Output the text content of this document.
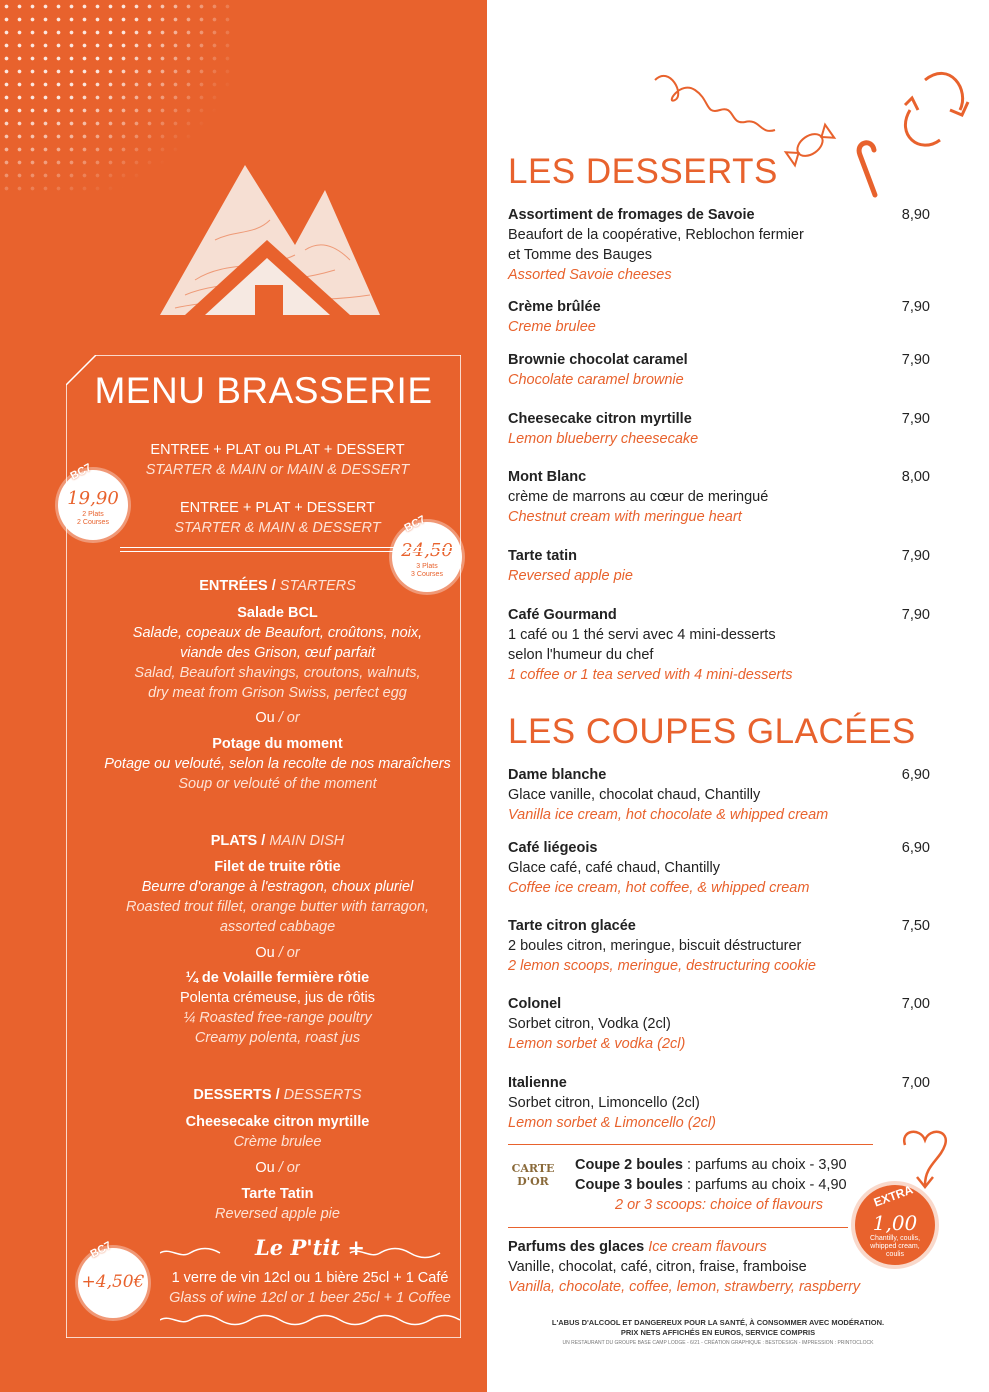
MENU BRASSERIE
ENTREE + PLAT ou PLAT + DESSERT
STARTER & MAIN or MAIN & DESSERT
ENTREE + PLAT + DESSERT
STARTER & MAIN & DESSERT
BC7
19,90
2 Plats
2 Courses	BC7
24,50
3 Plats
3 Courses
ENTRÉES / STARTERS
Salade BCL
Salade, copeaux de Beaufort, croûtons, noix,
viande des Grison, œuf parfait
Salad, Beaufort shavings, croutons, walnuts,
dry meat from Grison Swiss, perfect egg
Ou / or
Potage du moment
Potage ou velouté, selon la recolte de nos maraîchers
Soup or velouté of the moment
PLATS / MAIN DISH
Filet de truite rôtie
Beurre d'orange à l'estragon, choux pluriel
Roasted trout fillet, orange butter with tarragon,
assorted cabbage
Ou / or
¼ de Volaille fermière rôtie
Polenta crémeuse, jus de rôtis
¼ Roasted free-range poultry
Creamy polenta, roast jus
DESSERTS / DESSERTS
Cheesecake citron myrtille
Crème brulee
Ou / or
Tarte Tatin
Reversed apple pie
Le P'tit +
1 verre de vin 12cl ou 1 bière 25cl + 1 Café
Glass of wine 12cl or 1 beer 25cl + 1 Coffee
BC7
+4,50€
LES DESSERTS
Assortiment de fromages de Savoie
Beaufort de la coopérative, Reblochon fermier
et Tomme des Bauges
Assorted Savoie cheeses
8,90
Crème brûlée
Creme brulee
7,90
Brownie chocolat caramel
Chocolate caramel brownie
7,90
Cheesecake citron myrtille
Lemon blueberry cheesecake
7,90
Mont Blanc
crème de marrons au cœur de meringué
Chestnut cream with meringue heart
8,00
Tarte tatin
Reversed apple pie
7,90
Café Gourmand
1 café ou 1 thé servi avec 4 mini-desserts
selon l'humeur du chef
1 coffee or 1 tea served with 4 mini-desserts
7,90
LES COUPES GLACÉES
Dame blanche
Glace vanille, chocolat chaud, Chantilly
Vanilla ice cream, hot chocolate & whipped cream
6,90
Café liégeois
Glace café, café chaud, Chantilly
Coffee ice cream, hot coffee, & whipped cream
6,90
Tarte citron glacée
2 boules citron, meringue, biscuit déstructurer
2 lemon scoops, meringue, destructuring cookie
7,50
Colonel
Sorbet citron, Vodka (2cl)
Lemon sorbet & vodka (2cl)
7,00
Italienne
Sorbet citron, Limoncello (2cl)
Lemon sorbet & Limoncello (2cl)
7,00
CARTE D'OR
Coupe 2 boules : parfums au choix - 3,90
Coupe 3 boules : parfums au choix - 4,90
2 or 3 scoops: choice of flavours	EXTRA
1,00
Chantilly, coulis, whipped cream, coulis
Parfums des glaces Ice cream flavours
Vanille, chocolat, café, citron, fraise, framboise
Vanilla, chocolate, coffee, lemon, strawberry, raspberry
L'ABUS D'ALCOOL ET DANGEREUX POUR LA SANTÉ, À CONSOMMER AVEC MODÉRATION.
PRIX NETS AFFICHÉS EN EUROS, SERVICE COMPRIS
UN RESTAURANT DU GROUPE BASE CAMP LODGE - 6/21 - CRÉATION GRAPHIQUE : BESTDESIGN - IMPRESSION : PRINTOCLOCK
